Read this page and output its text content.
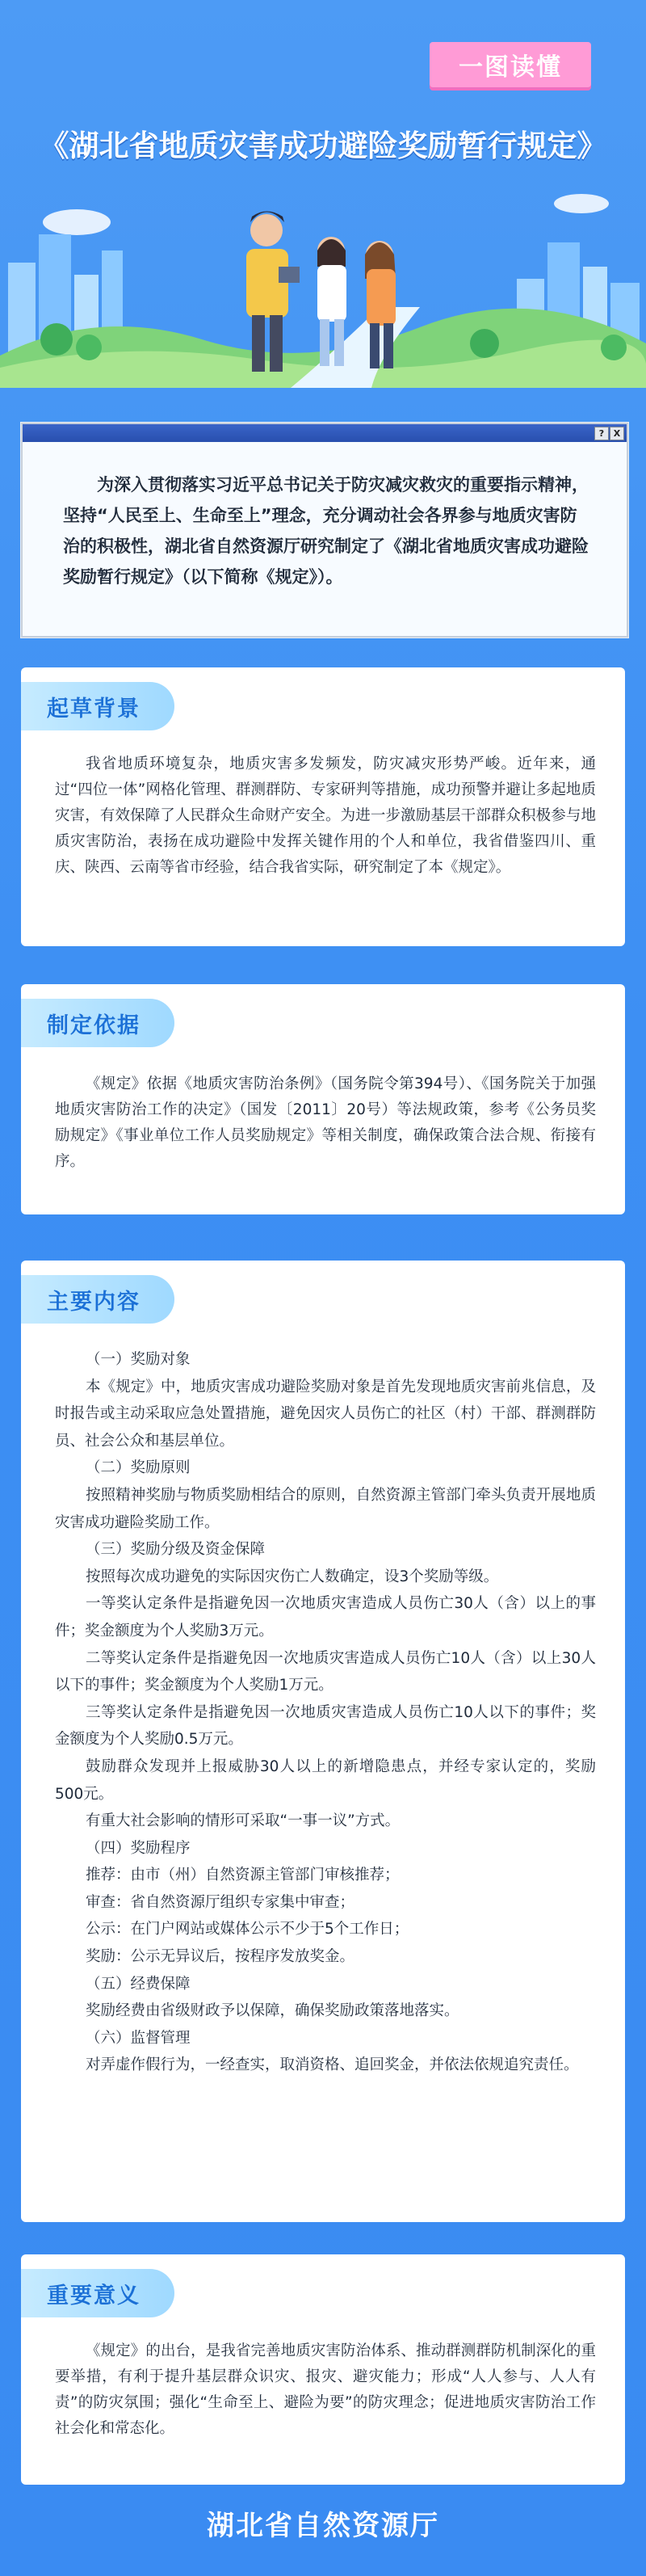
一图读懂
《湖北省地质灾害成功避险奖励暂行规定》
?	X
为深入贯彻落实习近平总书记关于防灾减灾救灾的重要指示精神，坚持“人民至上、生命至上”理念，充分调动社会各界参与地质灾害防治的积极性，湖北省自然资源厅研究制定了《湖北省地质灾害成功避险奖励暂行规定》（以下简称《规定》）。
起草背景

我省地质环境复杂，地质灾害多发频发，防灾减灾形势严峻。近年来，通过“四位一体”网格化管理、群测群防、专家研判等措施，成功预警并避让多起地质灾害，有效保障了人民群众生命财产安全。为进一步激励基层干部群众积极参与地质灾害防治，表扬在成功避险中发挥关键作用的个人和单位，我省借鉴四川、重庆、陕西、云南等省市经验，结合我省实际，研究制定了本《规定》。

制定依据

《规定》依据《地质灾害防治条例》（国务院令第394号）、《国务院关于加强地质灾害防治工作的决定》（国发〔2011〕20号）等法规政策，参考《公务员奖励规定》《事业单位工作人员奖励规定》等相关制度，确保政策合法合规、衔接有序。

主要内容

（一）奖励对象

本《规定》中，地质灾害成功避险奖励对象是首先发现地质灾害前兆信息，及时报告或主动采取应急处置措施，避免因灾人员伤亡的社区（村）干部、群测群防员、社会公众和基层单位。

（二）奖励原则

按照精神奖励与物质奖励相结合的原则，自然资源主管部门牵头负责开展地质灾害成功避险奖励工作。

（三）奖励分级及资金保障

按照每次成功避免的实际因灾伤亡人数确定，设3个奖励等级。

一等奖认定条件是指避免因一次地质灾害造成人员伤亡30人（含）以上的事件；奖金额度为个人奖励3万元。

二等奖认定条件是指避免因一次地质灾害造成人员伤亡10人（含）以上30人以下的事件；奖金额度为个人奖励1万元。

三等奖认定条件是指避免因一次地质灾害造成人员伤亡10人以下的事件；奖金额度为个人奖励0.5万元。

鼓励群众发现并上报威胁30人以上的新增隐患点，并经专家认定的，奖励500元。

有重大社会影响的情形可采取“一事一议”方式。

（四）奖励程序

推荐：由市（州）自然资源主管部门审核推荐；

审查：省自然资源厅组织专家集中审查；

公示：在门户网站或媒体公示不少于5个工作日；

奖励：公示无异议后，按程序发放奖金。

（五）经费保障

奖励经费由省级财政予以保障，确保奖励政策落地落实。

（六）监督管理

对弄虚作假行为，一经查实，取消资格、追回奖金，并依法依规追究责任。

重要意义

《规定》的出台，是我省完善地质灾害防治体系、推动群测群防机制深化的重要举措，有利于提升基层群众识灾、报灾、避灾能力；形成“人人参与、人人有责”的防灾氛围；强化“生命至上、避险为要”的防灾理念；促进地质灾害防治工作社会化和常态化。

湖北省自然资源厅
